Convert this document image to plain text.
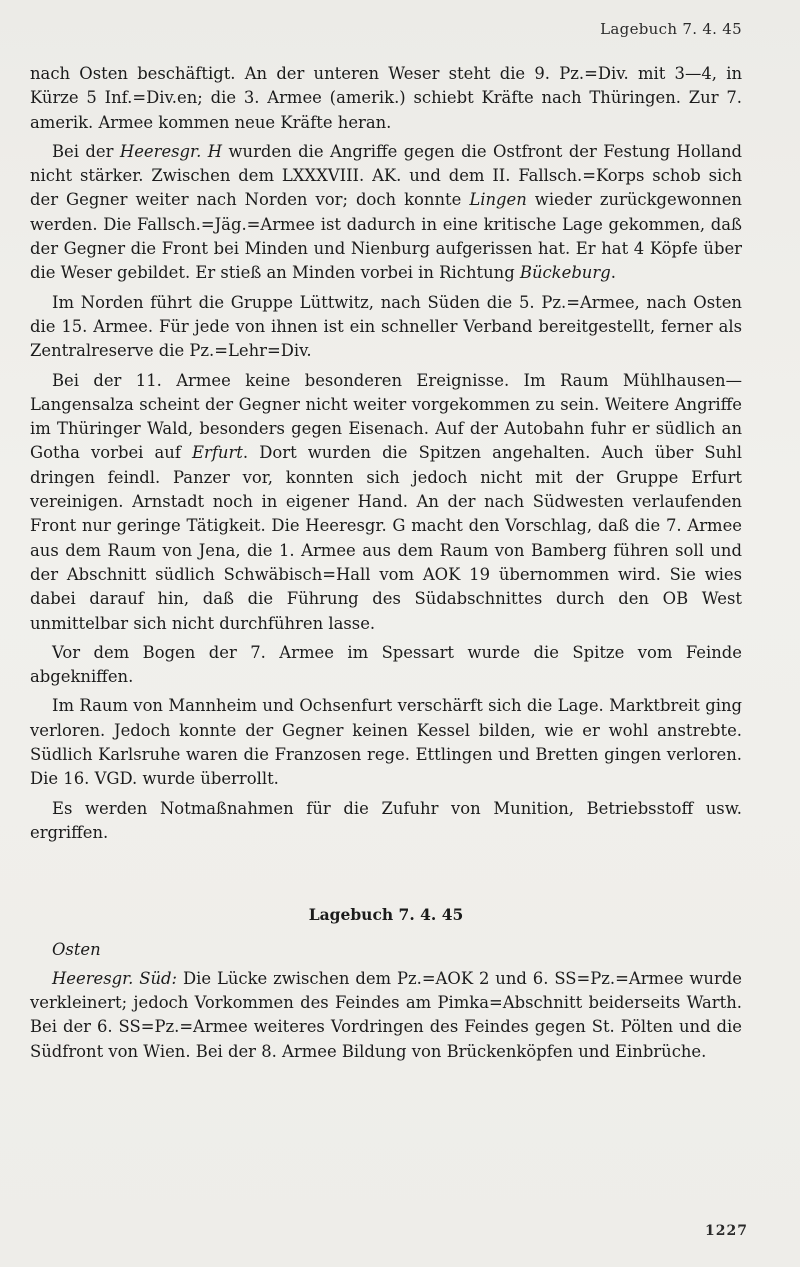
Lagebuch 7. 4. 45

nach Osten beschäftigt. An der unteren Weser steht die 9. Pz.=Div. mit 3—4, in Kürze 5 Inf.=Div.en; die 3. Armee (amerik.) schiebt Kräfte nach Thüringen. Zur 7. amerik. Armee kommen neue Kräfte heran.

Bei der Heeresgr. H wurden die Angriffe gegen die Ostfront der Festung Holland nicht stärker. Zwischen dem LXXXVIII. AK. und dem II. Fallsch.=Korps schob sich der Gegner weiter nach Norden vor; doch konnte Lingen wieder zurückgewonnen werden. Die Fallsch.=Jäg.=Armee ist dadurch in eine kritische Lage gekommen, daß der Gegner die Front bei Minden und Nienburg aufgerissen hat. Er hat 4 Köpfe über die Weser gebildet. Er stieß an Minden vorbei in Richtung Bückeburg.

Im Norden führt die Gruppe Lüttwitz, nach Süden die 5. Pz.=Armee, nach Osten die 15. Armee. Für jede von ihnen ist ein schneller Verband bereitgestellt, ferner als Zentralreserve die Pz.=Lehr=Div.

Bei der 11. Armee keine besonderen Ereignisse. Im Raum Mühlhausen—Langensalza scheint der Gegner nicht weiter vorgekommen zu sein. Weitere Angriffe im Thüringer Wald, besonders gegen Eisenach. Auf der Autobahn fuhr er südlich an Gotha vorbei auf Erfurt. Dort wurden die Spitzen angehalten. Auch über Suhl dringen feindl. Panzer vor, konnten sich jedoch nicht mit der Gruppe Erfurt vereinigen. Arnstadt noch in eigener Hand. An der nach Südwesten verlaufenden Front nur geringe Tätigkeit. Die Heeresgr. G macht den Vorschlag, daß die 7. Armee aus dem Raum von Jena, die 1. Armee aus dem Raum von Bamberg führen soll und der Abschnitt südlich Schwäbisch=Hall vom AOK 19 übernommen wird. Sie wies dabei darauf hin, daß die Führung des Südabschnittes durch den OB West unmittelbar sich nicht durchführen lasse.

Vor dem Bogen der 7. Armee im Spessart wurde die Spitze vom Feinde abgekniffen.

Im Raum von Mannheim und Ochsenfurt verschärft sich die Lage. Marktbreit ging verloren. Jedoch konnte der Gegner keinen Kessel bilden, wie er wohl anstrebte. Südlich Karlsruhe waren die Franzosen rege. Ettlingen und Bretten gingen verloren. Die 16. VGD. wurde überrollt.

Es werden Notmaßnahmen für die Zufuhr von Munition, Betriebsstoff usw. ergriffen.

Lagebuch 7. 4. 45

Osten

Heeresgr. Süd: Die Lücke zwischen dem Pz.=AOK 2 und 6. SS=Pz.=Armee wurde verkleinert; jedoch Vorkommen des Feindes am Pimka=Abschnitt beiderseits Warth. Bei der 6. SS=Pz.=Armee weiteres Vordringen des Feindes gegen St. Pölten und die Südfront von Wien. Bei der 8. Armee Bildung von Brückenköpfen und Einbrüche.

1227
